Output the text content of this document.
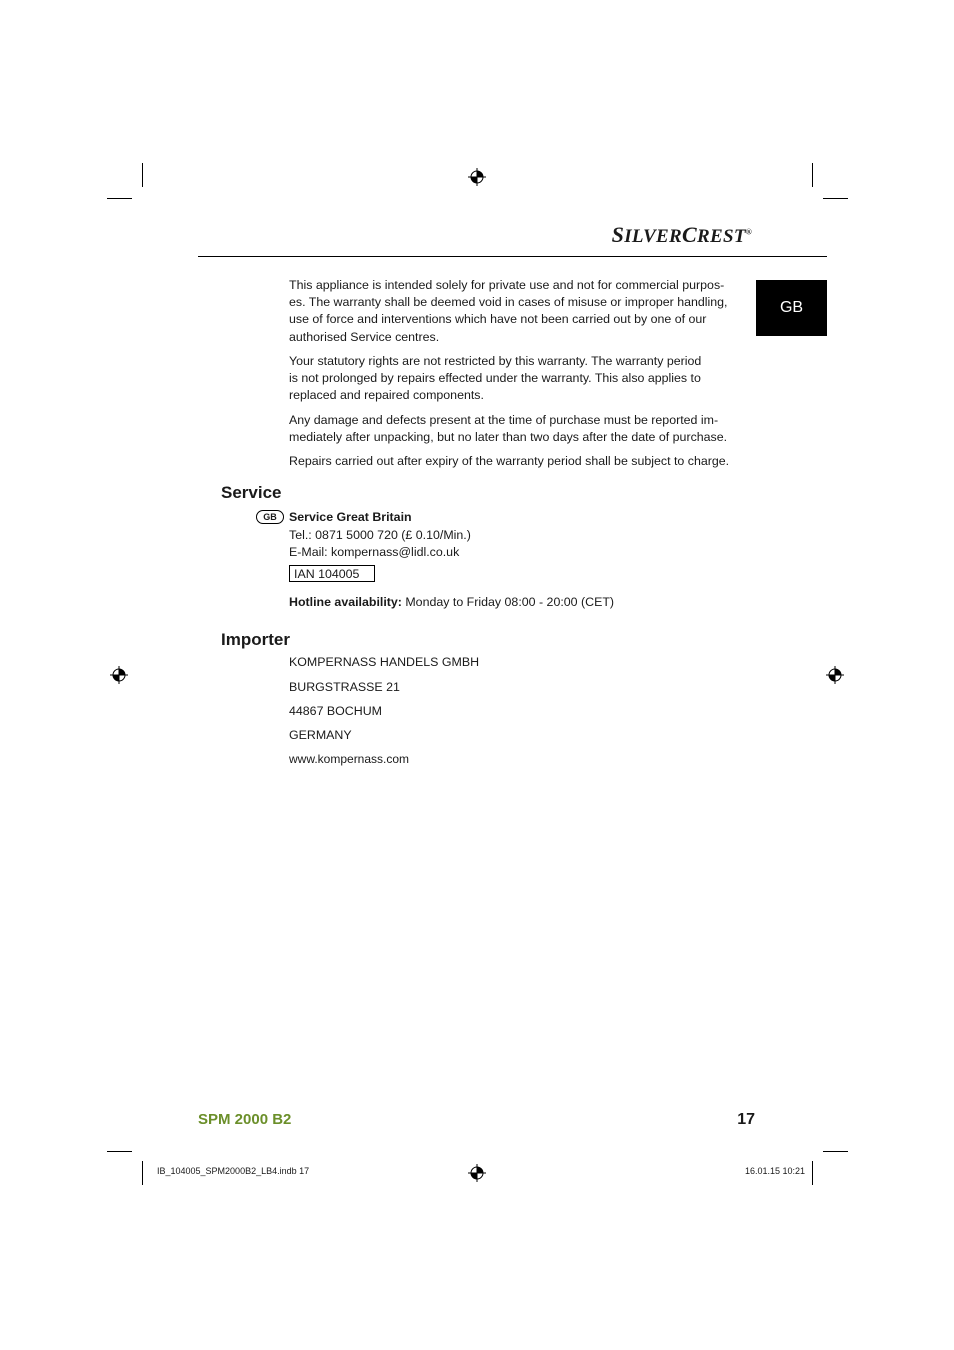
SILVERCREST®
GB

This appliance is intended solely for private use and not for commercial purpos-
es. The warranty shall be deemed void in cases of misuse or improper handling,
use of force and interventions which have not been carried out by one of our
authorised Service centres.

Your statutory rights are not restricted by this warranty. The warranty period
is not prolonged by repairs effected under the warranty. This also applies to
replaced and repaired components.

Any damage and defects present at the time of purchase must be reported im-
mediately after unpacking, but no later than two days after the date of purchase.

Repairs carried out after expiry of the warranty period shall be subject to charge.

Service
GB Service Great Britain
Tel.: 0871 5000 720 (£ 0.10/Min.)
E-Mail: kompernass@lidl.co.uk
IAN 104005
Hotline availability: Monday to Friday 08:00 - 20:00 (CET)
Importer
KOMPERNASS HANDELS GMBH
BURGSTRASSE 21
44867 BOCHUM
GERMANY
www.kompernass.com
SPM 2000 B2	17
IB_104005_SPM2000B2_LB4.indb 17	16.01.15 10:21
